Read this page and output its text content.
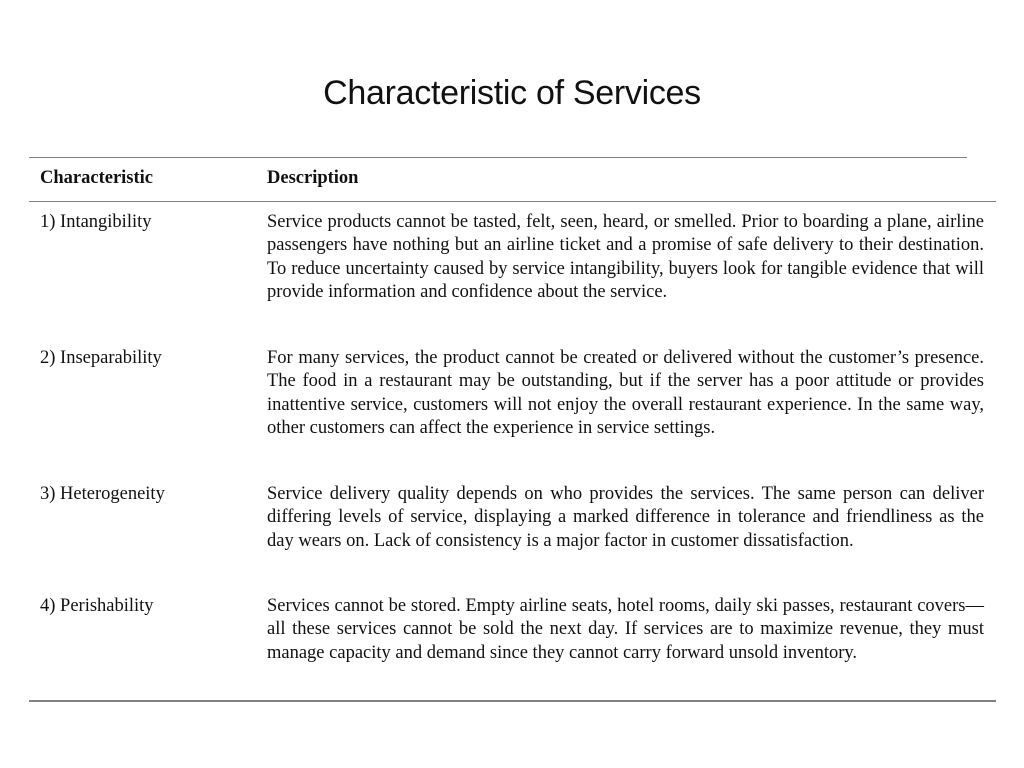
Characteristic of Services
Characteristic	Description
1) Intangibility	Service products cannot be tasted, felt, seen, heard, or smelled. Prior to boarding a plane, airline passengers have nothing but an airline ticket and a promise of safe delivery to their destination. To reduce uncertainty caused by service intangibility, buyers look for tangible evidence that will provide information and confidence about the service.
2) Inseparability	For many services, the product cannot be created or delivered without the customer’s presence. The food in a restaurant may be outstanding, but if the server has a poor attitude or provides inattentive service, customers will not enjoy the overall restaurant experience. In the same way, other customers can affect the experience in service settings.
3) Heterogeneity	Service delivery quality depends on who provides the services. The same person can deliver differing levels of service, displaying a marked difference in tolerance and friendliness as the day wears on. Lack of consistency is a major factor in customer dissatisfaction.
4) Perishability	Services cannot be stored. Empty airline seats, hotel rooms, daily ski passes, restaurant covers—all these services cannot be sold the next day. If services are to maximize revenue, they must manage capacity and demand since they cannot carry forward unsold inventory.
